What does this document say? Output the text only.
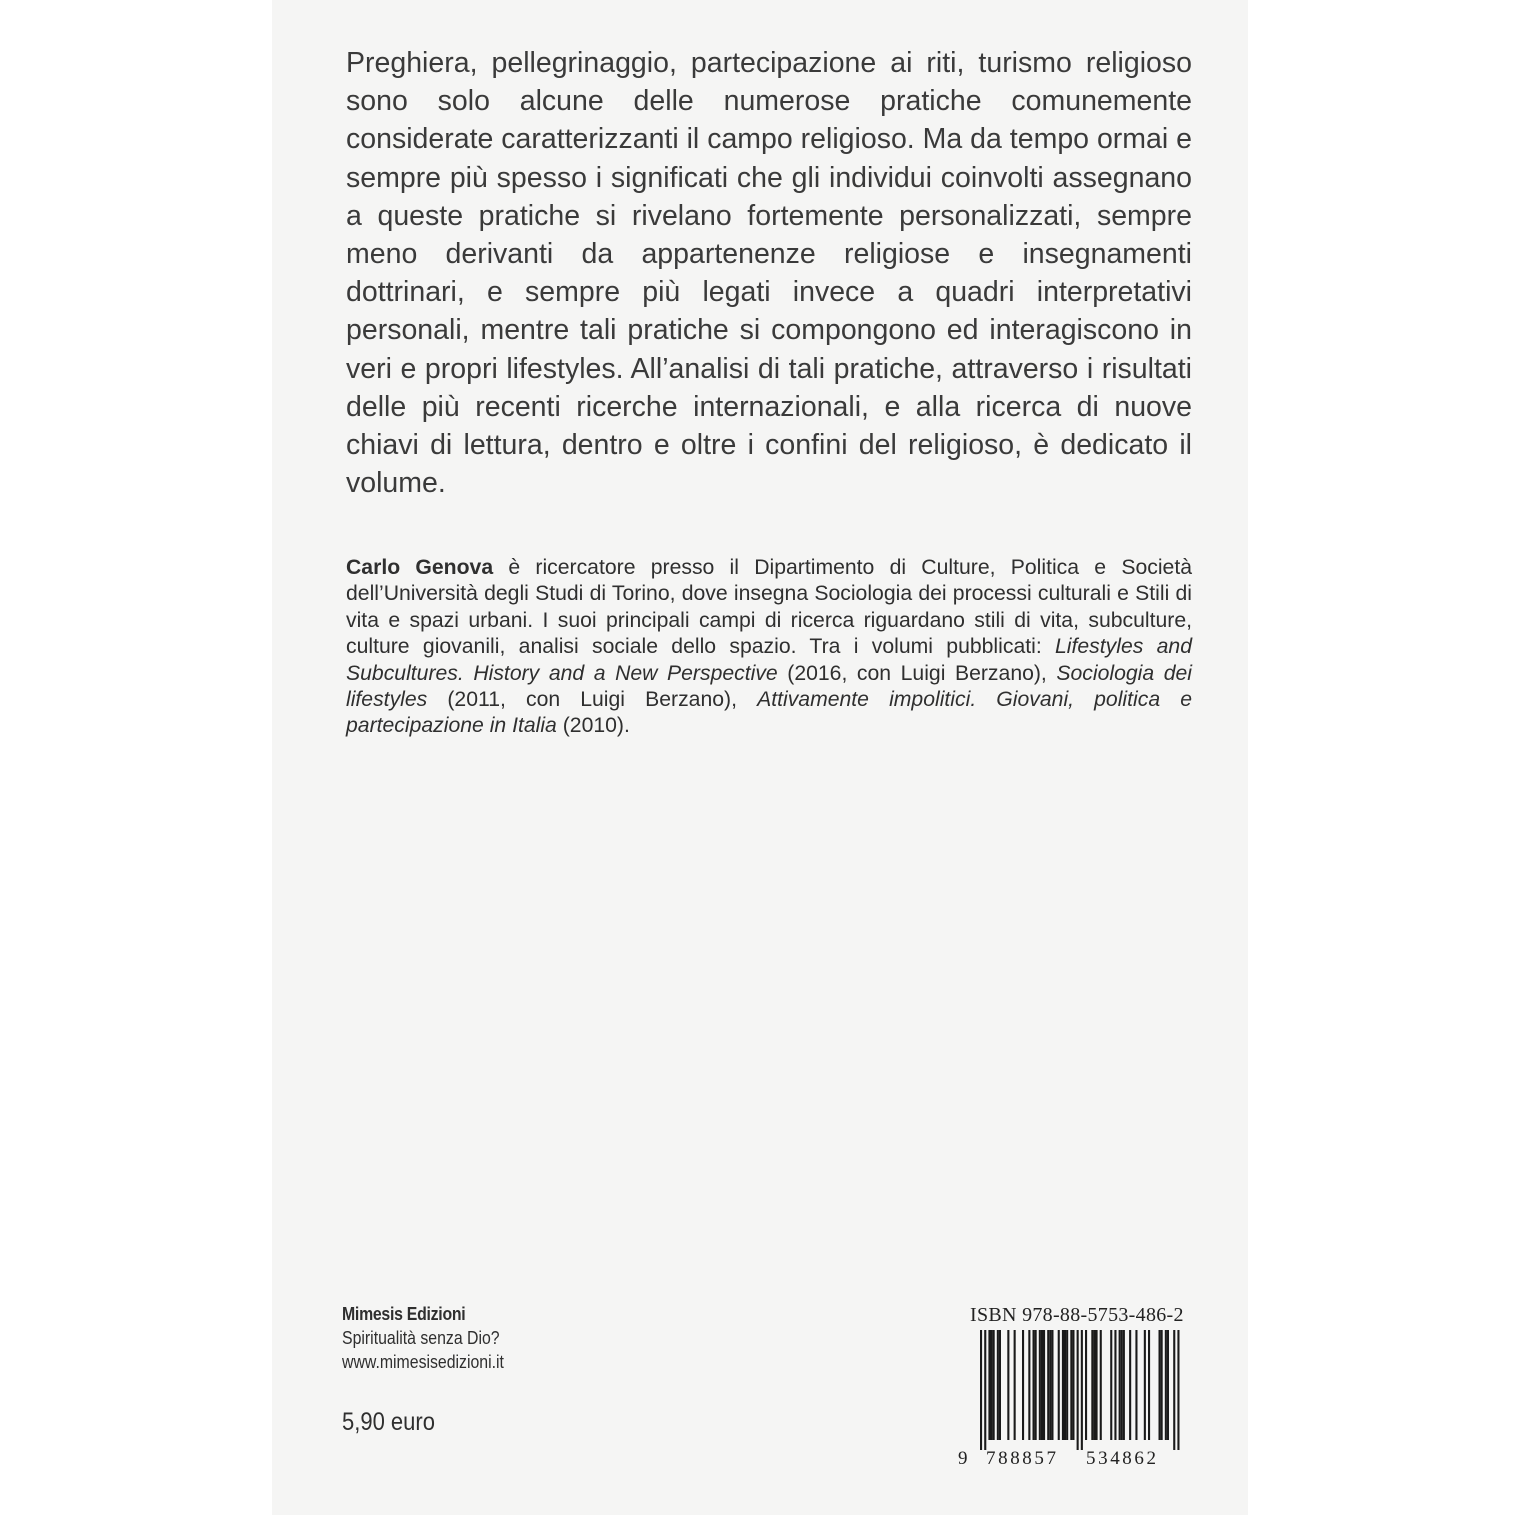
Preghiera, pellegrinaggio, partecipazione ai riti, turismo religioso sono solo alcune delle numerose pratiche comunemente considerate caratterizzanti il campo religioso. Ma da tempo ormai e sempre più spesso i significati che gli individui coinvolti assegnano a queste pratiche si rivelano fortemente personalizzati, sempre meno derivanti da appartenenze religiose e insegnamenti dottrinari, e sempre più legati invece a quadri interpretativi personali, mentre tali pratiche si compongono ed interagiscono in veri e propri lifestyles. All’analisi di tali pratiche, attraverso i risultati delle più recenti ricerche internazionali, e alla ricerca di nuove chiavi di lettura, dentro e oltre i confini del religioso, è dedicato il volume.

Carlo Genova è ricercatore presso il Dipartimento di Culture, Politica e Società dell’Università degli Studi di Torino, dove insegna Sociologia dei processi culturali e Stili di vita e spazi urbani. I suoi principali campi di ricerca riguardano stili di vita, subculture, culture giovanili, analisi sociale dello spazio. Tra i volumi pubblicati: Lifestyles and Subcultures. History and a New Perspective (2016, con Luigi Berzano), Sociologia dei lifestyles (2011, con Luigi Berzano), Attivamente impolitici. Giovani, politica e partecipazione in Italia (2010).

Mimesis Edizioni
Spiritualità senza Dio?
www.mimesisedizioni.it
5,90 euro
ISBN 978-88-5753-486-2
9 788857 534862
